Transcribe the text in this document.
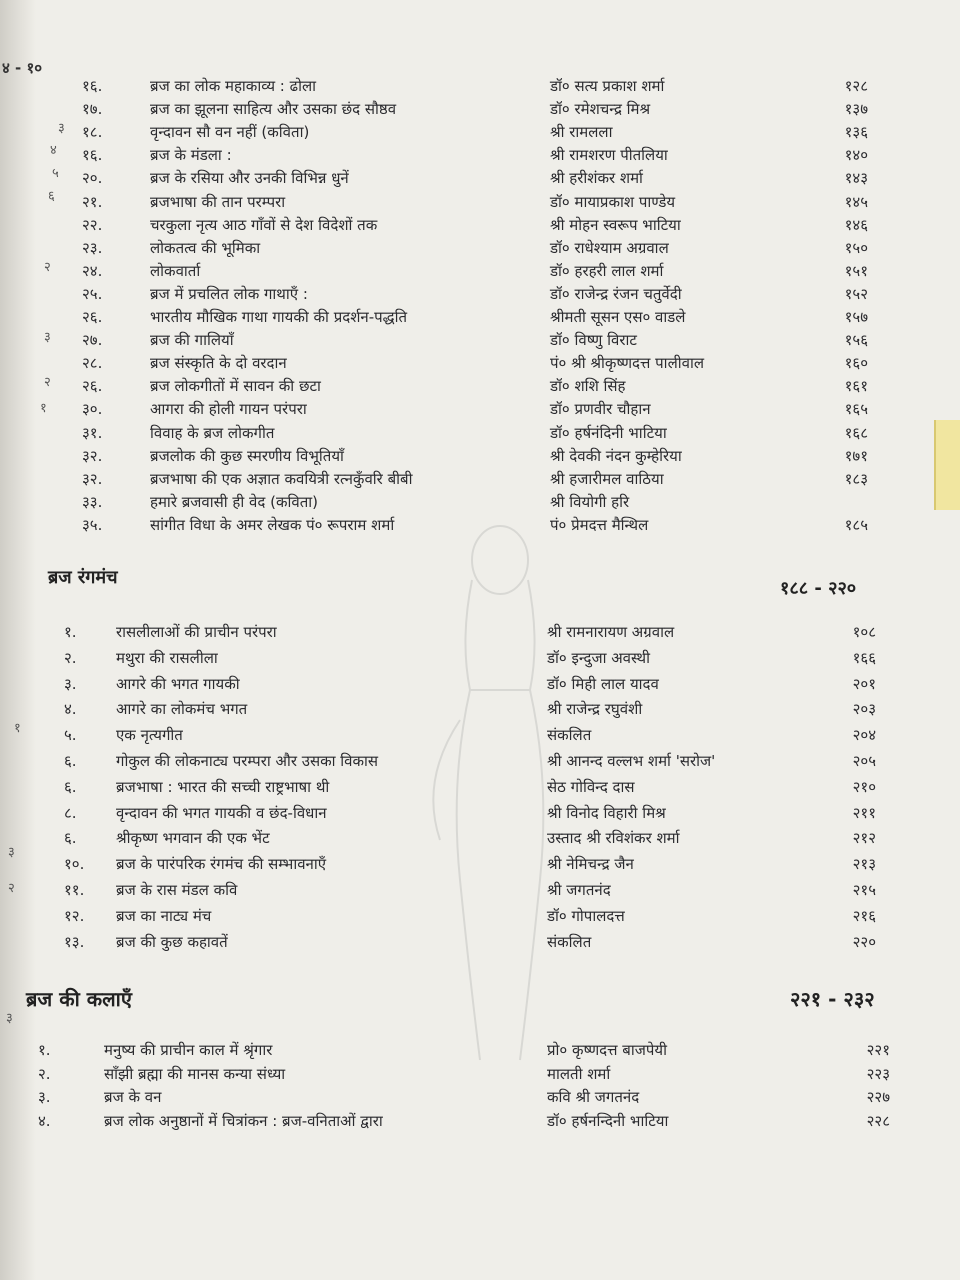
४ - १०
१६.	ब्रज का लोक महाकाव्य : ढोला	डॉ० सत्य प्रकाश शर्मा	१२८
१७.	ब्रज का झूलना साहित्य और उसका छंद सौष्ठव	डॉ० रमेशचन्द्र मिश्र	१३७
१८.	वृन्दावन सौ वन नहीं (कविता)	श्री रामलला	१३६
१६.	ब्रज के मंडला :	श्री रामशरण पीतलिया	१४०
२०.	ब्रज के रसिया और उनकी विभिन्न धुनें	श्री हरीशंकर शर्मा	१४३
२१.	ब्रजभाषा की तान परम्परा	डॉ० मायाप्रकाश पाण्डेय	१४५
२२.	चरकुला नृत्य आठ गाँवों से देश विदेशों तक	श्री मोहन स्वरूप भाटिया	१४६
२३.	लोकतत्व की भूमिका	डॉ० राधेश्याम अग्रवाल	१५०
२४.	लोकवार्ता	डॉ० हरहरी लाल शर्मा	१५१
२५.	ब्रज में प्रचलित लोक गाथाएँ :	डॉ० राजेन्द्र रंजन चतुर्वेदी	१५२
२६.	भारतीय मौखिक गाथा गायकी की प्रदर्शन-पद्धति	श्रीमती सूसन एस० वाडले	१५७
२७.	ब्रज की गालियाँ	डॉ० विष्णु विराट	१५६
२८.	ब्रज संस्कृति के दो वरदान	पं० श्री श्रीकृष्णदत्त पालीवाल	१६०
२६.	ब्रज लोकगीतों में सावन की छटा	डॉ० शशि सिंह	१६१
३०.	आगरा की होली गायन परंपरा	डॉ० प्रणवीर चौहान	१६५
३१.	विवाह के ब्रज लोकगीत	डॉ० हर्षनंदिनी भाटिया	१६८
३२.	ब्रजलोक की कुछ स्मरणीय विभूतियाँ	श्री देवकी नंदन कुम्हेरिया	१७१
३२.	ब्रजभाषा की एक अज्ञात कवयित्री रत्नकुँवरि बीबी	श्री हजारीमल वाठिया	१८३
३३.	हमारे ब्रजवासी ही वेद (कविता)	श्री वियोगी हरि
३५.	सांगीत विधा के अमर लेखक पं० रूपराम शर्मा	पं० प्रेमदत्त मैन्थिल	१८५
ब्रज रंगमंच
१८८ - २२०
१.	रासलीलाओं की प्राचीन परंपरा	श्री रामनारायण अग्रवाल	१०८
२.	मथुरा की रासलीला	डॉ० इन्दुजा अवस्थी	१६६
३.	आगरे की भगत गायकी	डॉ० मिही लाल यादव	२०१
४.	आगरे का लोकमंच भगत	श्री राजेन्द्र रघुवंशी	२०३
५.	एक नृत्यगीत	संकलित	२०४
६.	गोकुल की लोकनाट्य परम्परा और उसका विकास	श्री आनन्द वल्लभ शर्मा 'सरोज'	२०५
६.	ब्रजभाषा : भारत की सच्ची राष्ट्रभाषा थी	सेठ गोविन्द दास	२१०
८.	वृन्दावन की भगत गायकी व छंद-विधान	श्री विनोद विहारी मिश्र	२११
६.	श्रीकृष्ण भगवान की एक भेंट	उस्ताद श्री रविशंकर शर्मा	२१२
१०. ब्रज के पारंपरिक रंगमंच की सम्भावनाएँ	श्री नेमिचन्द्र जैन	२१३
११. ब्रज के रास मंडल कवि	श्री जगतनंद	२१५
१२. ब्रज का नाट्य मंच	डॉ० गोपालदत्त	२१६
१३. ब्रज की कुछ कहावतें	संकलित	२२०
ब्रज की कलाएँ	२२१ - २३२
१.	मनुष्य की प्राचीन काल में श्रृंगार	प्रो० कृष्णदत्त बाजपेयी	२२१
२.	साँझी ब्रह्मा की मानस कन्या संध्या	मालती शर्मा	२२३
३.	ब्रज के वन	कवि श्री जगतनंद	२२७
४.	ब्रज लोक अनुष्ठानों में चित्रांकन : ब्रज-वनिताओं द्वारा	डॉ० हर्षनन्दिनी भाटिया	२२८
३
४
५
६
२
३
२
१
१
३
२
३
